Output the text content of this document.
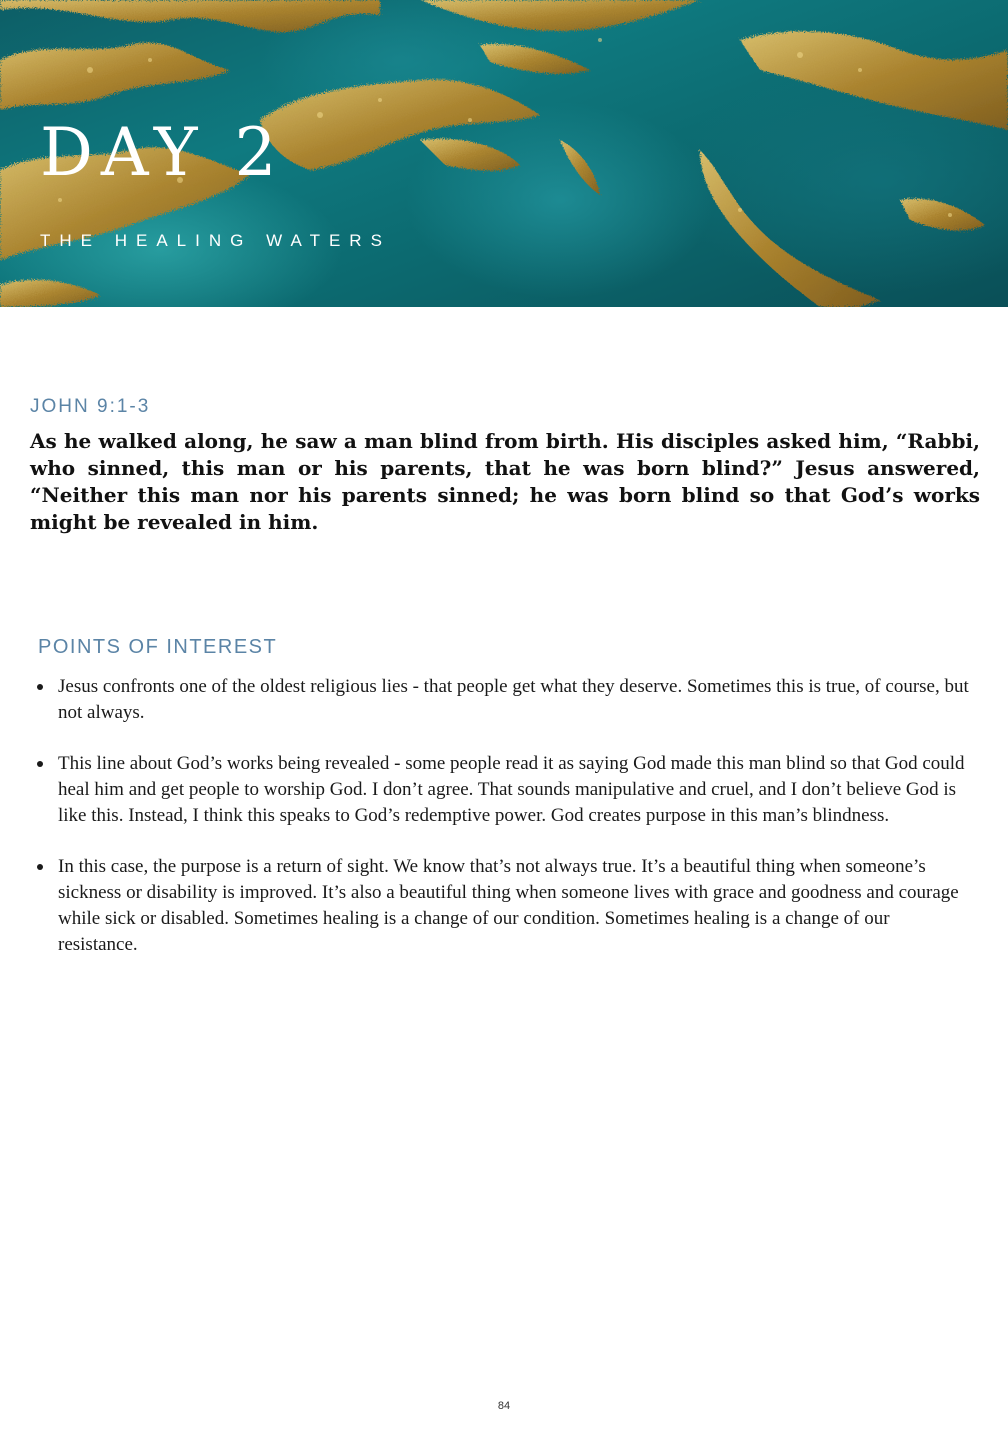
DAY 2

THE HEALING WATERS

JOHN 9:1-3

As he walked along, he saw a man blind from birth. His disciples asked him, “Rabbi, who sinned, this man or his parents, that he was born blind?” Jesus answered, “Neither this man nor his parents sinned; he was born blind so that God’s works might be revealed in him.

POINTS OF INTEREST
Jesus confronts one of the oldest religious lies - that people get what they deserve. Sometimes this is true, of course, but not always.
This line about God’s works being revealed - some people read it as saying God made this man blind so that God could heal him and get people to worship God. I don’t agree. That sounds manipulative and cruel, and I don’t believe God is like this. Instead, I think this speaks to God’s redemptive power. God creates purpose in this man’s blindness.
In this case, the purpose is a return of sight. We know that’s not always true. It’s a beautiful thing when someone’s sickness or disability is improved. It’s also a beautiful thing when someone lives with grace and goodness and courage while sick or disabled. Sometimes healing is a change of our condition. Sometimes healing is a change of our resistance.
84
